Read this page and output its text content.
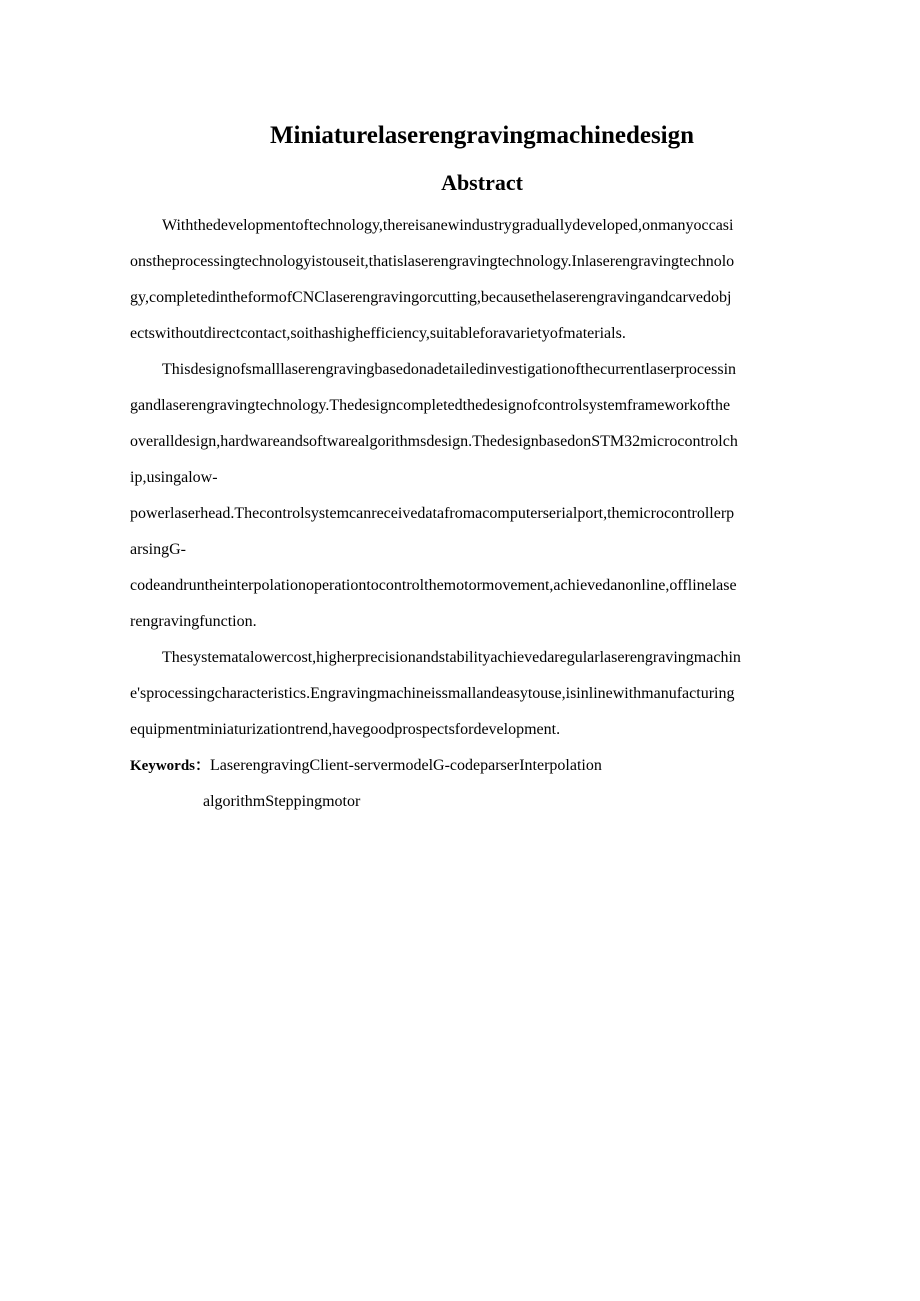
Miniaturelaserengravingmachinedesign
Abstract
Withthedevelopmentoftechnology,thereisanewindustrygraduallydeveloped,onmanyoccasi
onstheprocessingtechnologyistouseit,thatislaserengravingtechnology.Inlaserengravingtechnolo
gy,completedintheformofCNClaserengravingorcutting,becausethelaserengravingandcarvedobj
ectswithoutdirectcontact,soithashighefficiency,suitableforavarietyofmaterials.
Thisdesignofsmalllaserengravingbasedonadetailedinvestigationofthecurrentlaserprocessin
gandlaserengravingtechnology.Thedesigncompletedthedesignofcontrolsystemframeworkofthe
overalldesign,hardwareandsoftwarealgorithmsdesign.ThedesignbasedonSTM32microcontrolch
ip,usingalow-
powerlaserhead.Thecontrolsystemcanreceivedatafromacomputerserialport,themicrocontrollerp
arsingG-
codeandruntheinterpolationoperationtocontrolthemotormovement,achievedanonline,offlinelase
rengravingfunction.
Thesystematalowercost,higherprecisionandstabilityachievedaregularlaserengravingmachin
e'sprocessingcharacteristics.Engravingmachineissmallandeasytouse,isinlinewithmanufacturing
equipmentminiaturizationtrend,havegoodprospectsfordevelopment.
Keywords：LaserengravingClient-servermodelG-codeparserInterpolation
algorithmSteppingmotor
